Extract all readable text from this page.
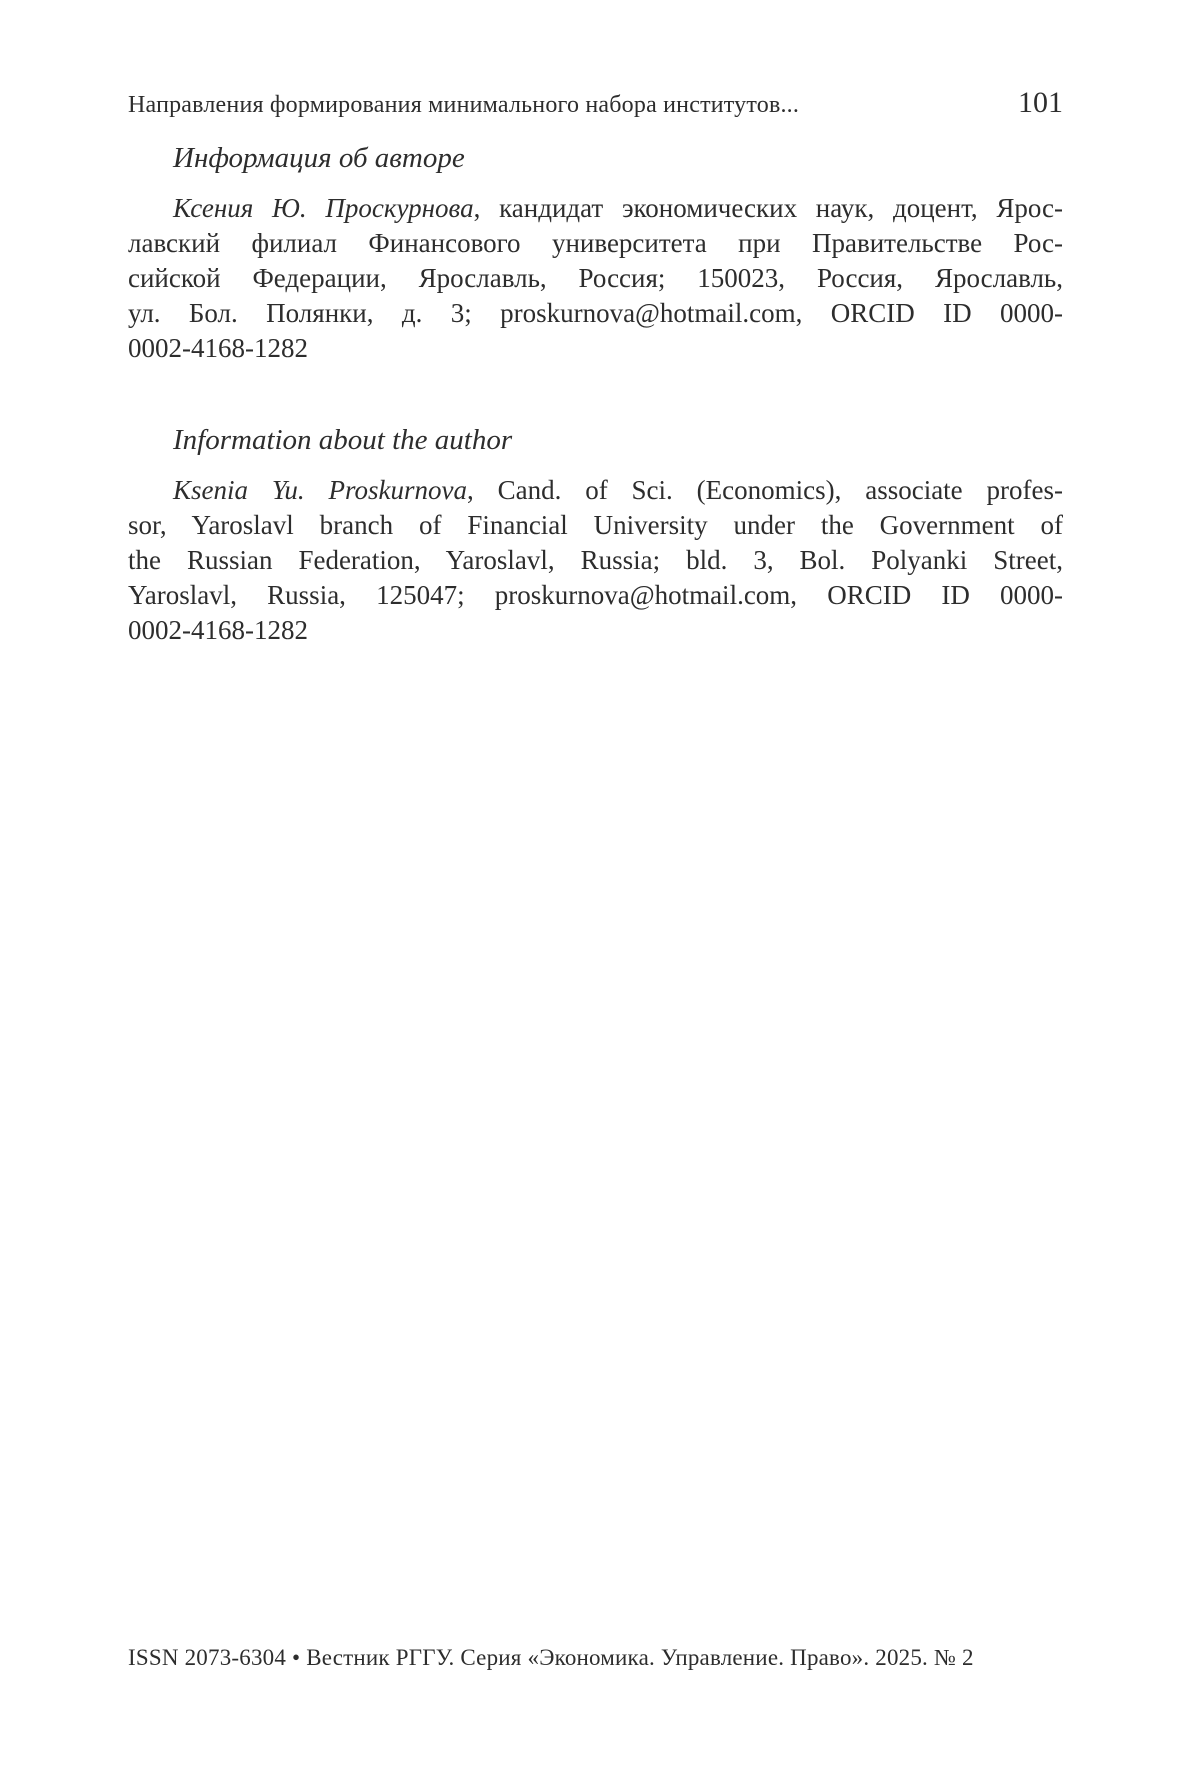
Направления формирования минимального набора институтов...	101
Информация об авторе

Ксения Ю. Проскурнова, кандидат экономических наук, доцент, Ярос-
лавский филиал Финансового университета при Правительстве Рос-
сийской Федерации, Ярославль, Россия; 150023, Россия, Ярославль,
ул. Бол. Полянки, д. 3; proskurnova@hotmail.com, ORCID ID 0000-
0002-4168-1282

Information about the author

Ksenia Yu. Proskurnova, Cand. of Sci. (Economics), associate profes-
sor, Yaroslavl branch of Financial University under the Government of
the Russian Federation, Yaroslavl, Russia; bld. 3, Bol. Polyanki Street,
Yaroslavl, Russia, 125047; proskurnova@hotmail.com, ORCID ID 0000-
0002-4168-1282

ISSN 2073-6304 • Вестник РГГУ. Серия «Экономика. Управление. Право». 2025. № 2
